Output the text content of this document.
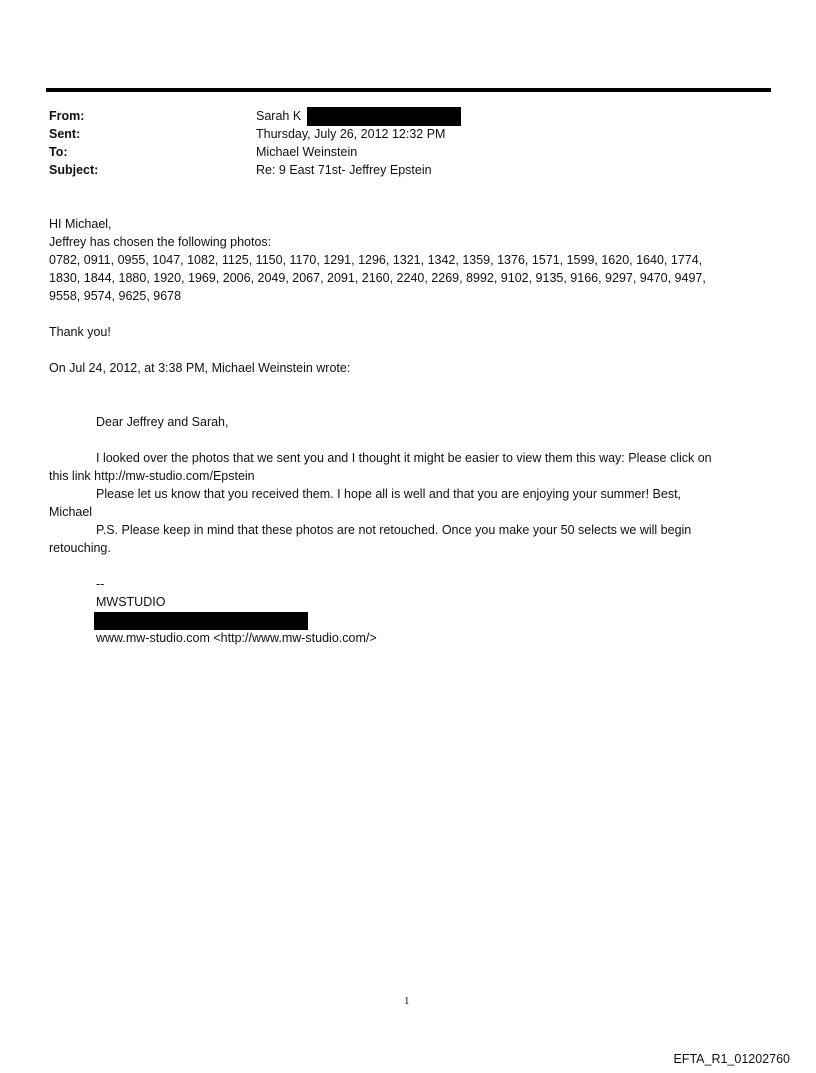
From:	Sarah K
Sent:	Thursday, July 26, 2012 12:32 PM
To:	Michael Weinstein
Subject:	Re: 9 East 71st- Jeffrey Epstein

HI Michael,

Jeffrey has chosen the following photos:

0782, 0911, 0955, 1047, 1082, 1125, 1150, 1170, 1291, 1296, 1321, 1342, 1359, 1376, 1571, 1599, 1620, 1640, 1774,

1830, 1844, 1880, 1920, 1969, 2006, 2049, 2067, 2091, 2160, 2240, 2269, 8992, 9102, 9135, 9166, 9297, 9470, 9497,

9558, 9574, 9625, 9678

Thank you!

On Jul 24, 2012, at 3:38 PM, Michael Weinstein wrote:

Dear Jeffrey and Sarah,

I looked over the photos that we sent you and I thought it might be easier to view them this way: Please click on

this link http://mw-studio.com/Epstein

Please let us know that you received them. I hope all is well and that you are enjoying your summer! Best,

Michael

P.S. Please keep in mind that these photos are not retouched. Once you make your 50 selects we will begin

retouching.

--

MWSTUDIO

www.mw-studio.com <http://www.mw-studio.com/>

1
EFTA_R1_01202760
